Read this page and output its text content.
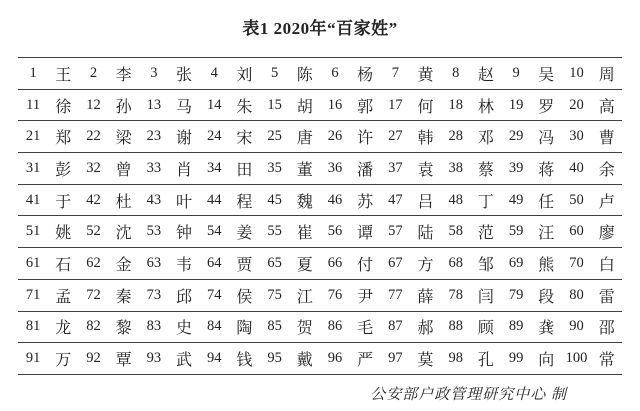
表1 2020年“百家姓”
1	王	2	李	3	张	4	刘	5	陈	6	杨	7	黄	8	赵	9	吴	10	周
11	徐	12	孙	13	马	14	朱	15	胡	16	郭	17	何	18	林	19	罗	20	高
21	郑	22	梁	23	谢	24	宋	25	唐	26	许	27	韩	28	邓	29	冯	30	曹
31	彭	32	曾	33	肖	34	田	35	董	36	潘	37	袁	38	蔡	39	蒋	40	余
41	于	42	杜	43	叶	44	程	45	魏	46	苏	47	吕	48	丁	49	任	50	卢
51	姚	52	沈	53	钟	54	姜	55	崔	56	谭	57	陆	58	范	59	汪	60	廖
61	石	62	金	63	韦	64	贾	65	夏	66	付	67	方	68	邹	69	熊	70	白
71	孟	72	秦	73	邱	74	侯	75	江	76	尹	77	薛	78	闫	79	段	80	雷
81	龙	82	黎	83	史	84	陶	85	贺	86	毛	87	郝	88	顾	89	龚	90	邵
91	万	92	覃	93	武	94	钱	95	戴	96	严	97	莫	98	孔	99	向	100	常
公安部户政管理研究中心 制
